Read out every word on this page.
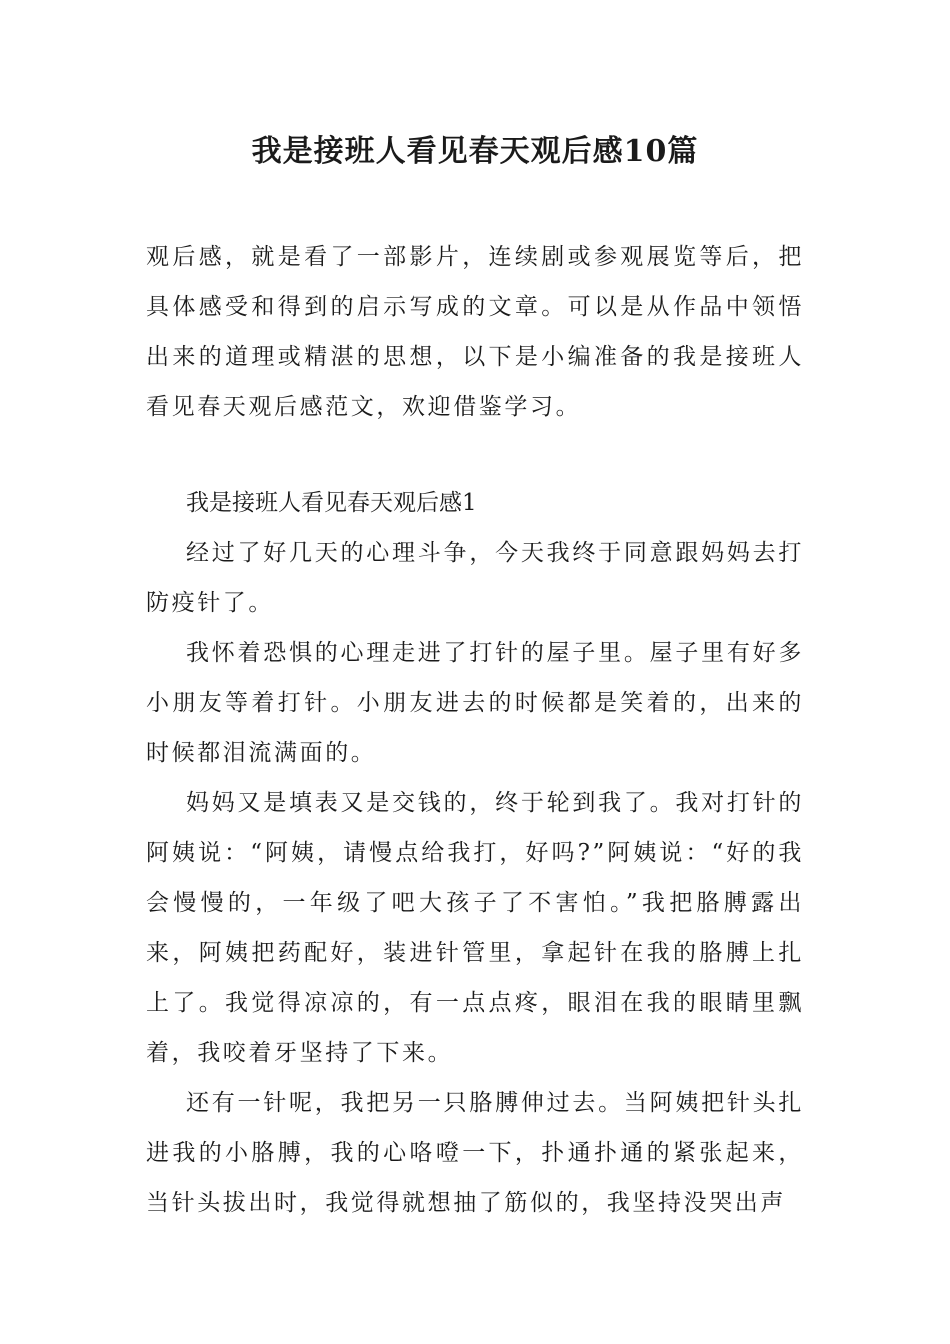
我是接班人看见春天观后感10篇

观后感，就是看了一部影片，连续剧或参观展览等后，把具体感受和得到的启示写成的文章。可以是从作品中领悟出来的道理或精湛的思想，以下是小编准备的我是接班人看见春天观后感范文，欢迎借鉴学习。

我是接班人看见春天观后感1

经过了好几天的心理斗争，今天我终于同意跟妈妈去打防疫针了。

我怀着恐惧的心理走进了打针的屋子里。屋子里有好多小朋友等着打针。小朋友进去的时候都是笑着的，出来的时候都泪流满面的。

妈妈又是填表又是交钱的，终于轮到我了。我对打针的阿姨说：“阿姨，请慢点给我打，好吗?”阿姨说：“好的我会慢慢的，一年级了吧大孩子了不害怕。”我把胳膊露出来，阿姨把药配好，装进针管里，拿起针在我的胳膊上扎上了。我觉得凉凉的，有一点点疼，眼泪在我的眼睛里飘着，我咬着牙坚持了下来。

还有一针呢，我把另一只胳膊伸过去。当阿姨把针头扎进我的小胳膊，我的心咯噔一下，扑通扑通的紧张起来，当针头拔出时，我觉得就想抽了筋似的，我坚持没哭出声
